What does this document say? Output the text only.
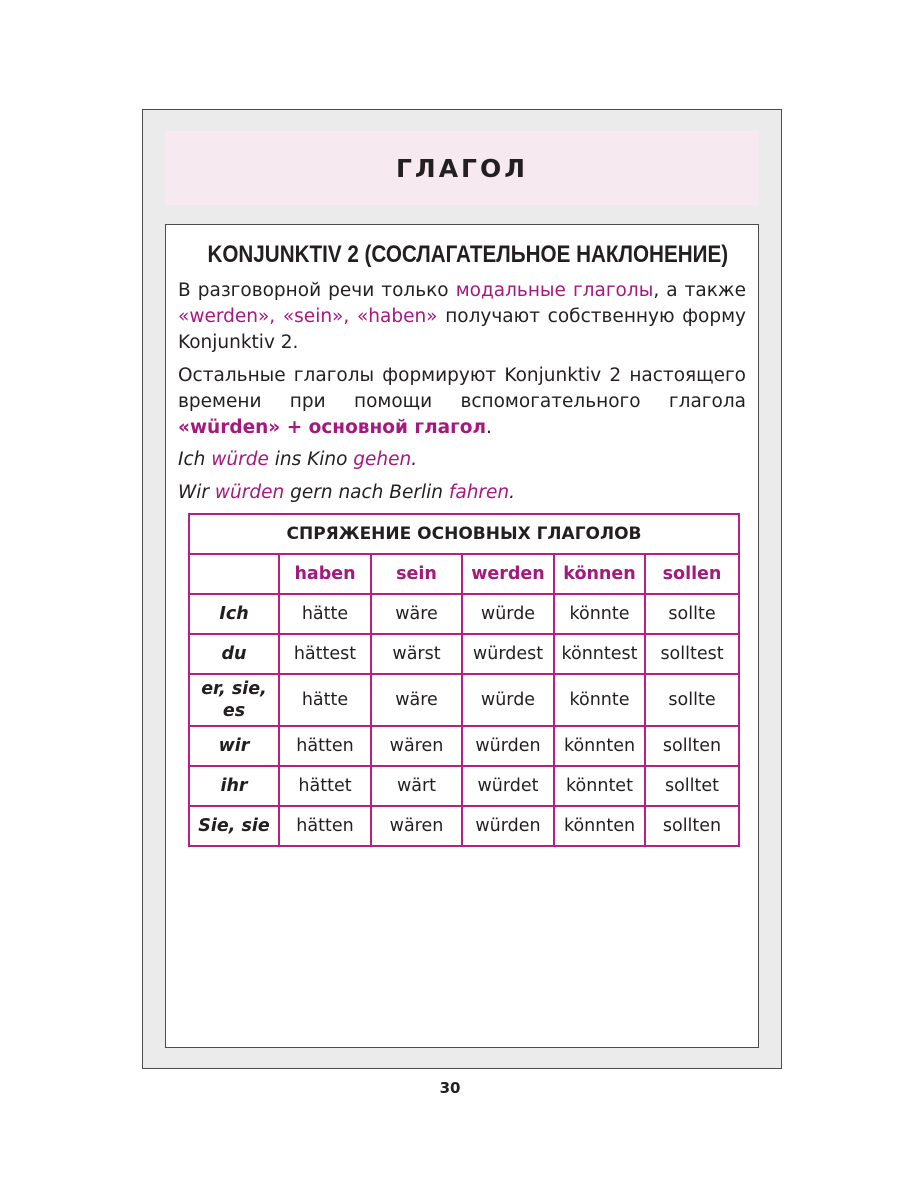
ГЛАГОЛ
KONJUNKTIV 2 (СОСЛАГАТЕЛЬНОЕ НАКЛОНЕНИЕ)
В разговорной речи только модальные глаголы, а также «werden», «sein», «haben» получают собственную форму Konjunktiv 2.
Остальные глаголы формируют Konjunktiv 2 настоящего времени при помощи вспомогательного глагола «würden» + основной глагол.
Ich würde ins Kino gehen.
Wir würden gern nach Berlin fahren.
СПРЯЖЕНИЕ ОСНОВНЫХ ГЛАГОЛОВ					
	haben	sein	werden	können	sollen
Ich	hätte	wäre	würde	könnte	sollte
du	hättest	wärst	würdest	könntest	solltest
er, sie, es	hätte	wäre	würde	könnte	sollte
wir	hätten	wären	würden	könnten	sollten
ihr	hättet	wärt	würdet	könntet	solltet
Sie, sie	hätten	wären	würden	könnten	sollten
30
